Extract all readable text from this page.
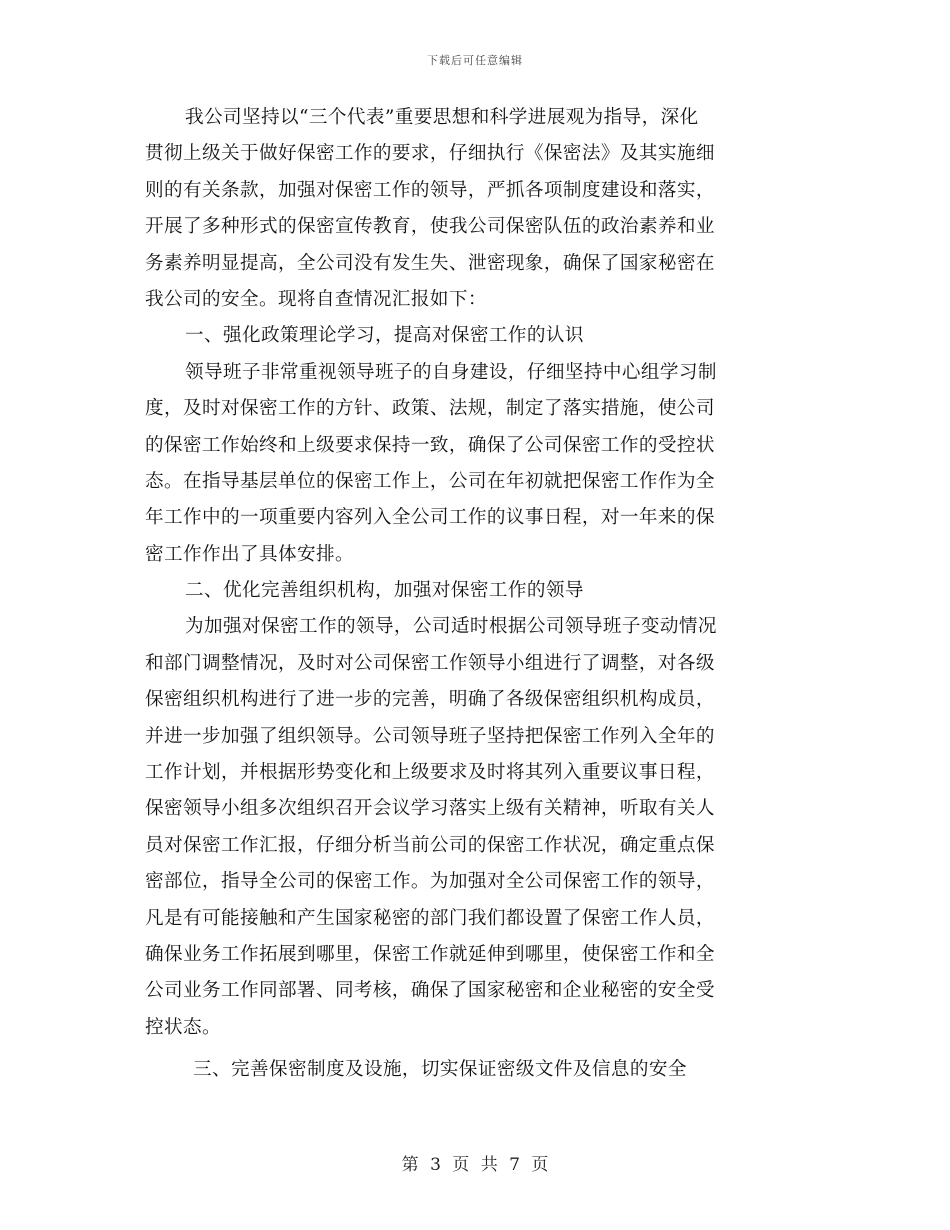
下载后可任意编辑
我公司坚持以“三个代表”重要思想和科学进展观为指导，深化
贯彻上级关于做好保密工作的要求，仔细执行《保密法》及其实施细
则的有关条款，加强对保密工作的领导，严抓各项制度建设和落实，
开展了多种形式的保密宣传教育，使我公司保密队伍的政治素养和业
务素养明显提高，全公司没有发生失、泄密现象，确保了国家秘密在
我公司的安全。现将自查情况汇报如下：
一、强化政策理论学习，提高对保密工作的认识
领导班子非常重视领导班子的自身建设，仔细坚持中心组学习制
度，及时对保密工作的方针、政策、法规，制定了落实措施，使公司
的保密工作始终和上级要求保持一致，确保了公司保密工作的受控状
态。在指导基层单位的保密工作上，公司在年初就把保密工作作为全
年工作中的一项重要内容列入全公司工作的议事日程，对一年来的保
密工作作出了具体安排。
二、优化完善组织机构，加强对保密工作的领导
为加强对保密工作的领导，公司适时根据公司领导班子变动情况
和部门调整情况，及时对公司保密工作领导小组进行了调整，对各级
保密组织机构进行了进一步的完善，明确了各级保密组织机构成员，
并进一步加强了组织领导。公司领导班子坚持把保密工作列入全年的
工作计划，并根据形势变化和上级要求及时将其列入重要议事日程，
保密领导小组多次组织召开会议学习落实上级有关精神，听取有关人
员对保密工作汇报，仔细分析当前公司的保密工作状况，确定重点保
密部位，指导全公司的保密工作。为加强对全公司保密工作的领导，
凡是有可能接触和产生国家秘密的部门我们都设置了保密工作人员，
确保业务工作拓展到哪里，保密工作就延伸到哪里，使保密工作和全
公司业务工作同部署、同考核，确保了国家秘密和企业秘密的安全受
控状态。
三、完善保密制度及设施，切实保证密级文件及信息的安全
第 3 页 共 7 页
